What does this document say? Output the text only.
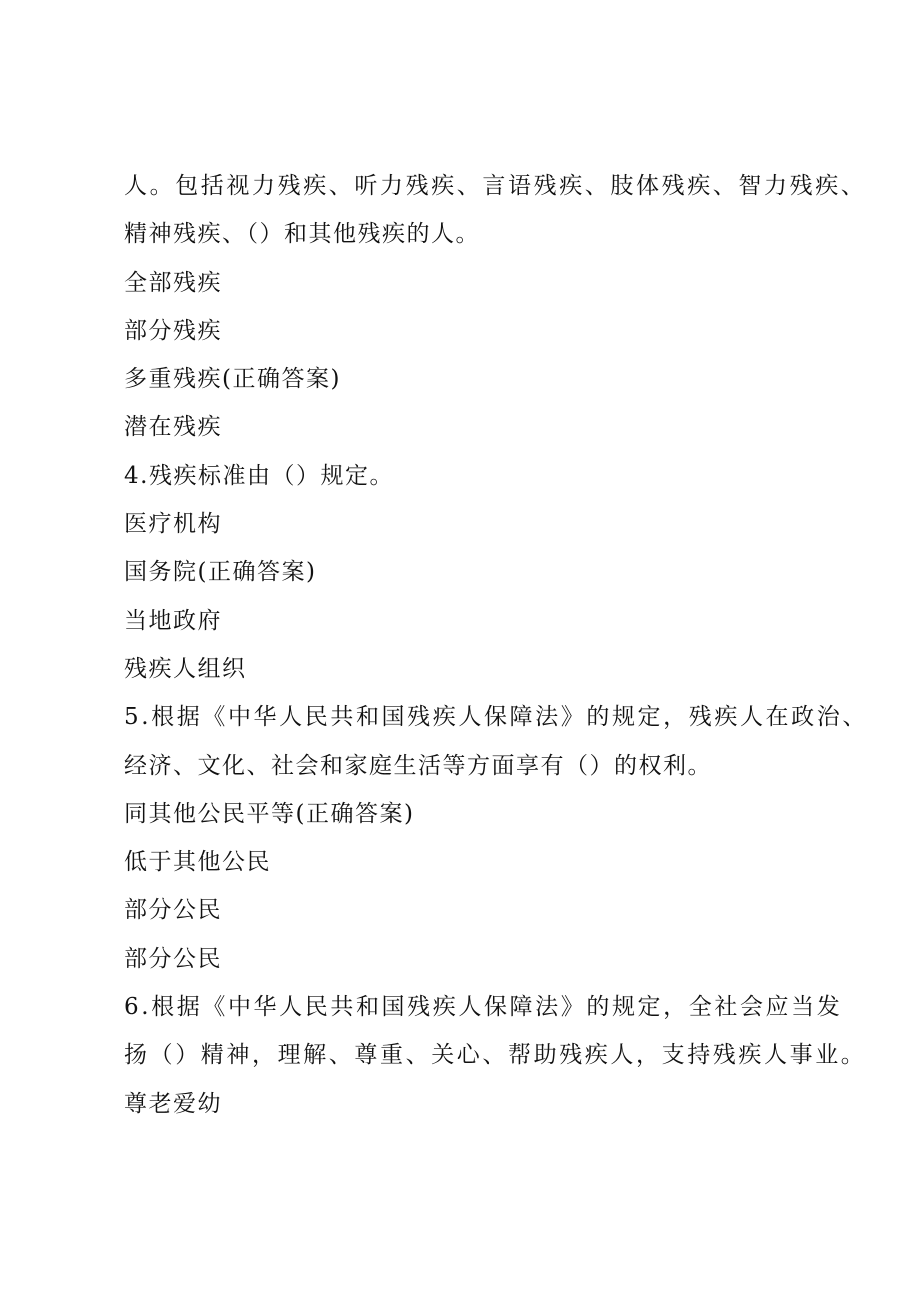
人。包括视力残疾、听力残疾、言语残疾、肢体残疾、智力残疾、
精神残疾、（）和其他残疾的人。
全部残疾
部分残疾
多重残疾(正确答案)
潜在残疾
4.残疾标准由（）规定。
医疗机构
国务院(正确答案)
当地政府
残疾人组织
5.根据《中华人民共和国残疾人保障法》的规定，残疾人在政治、
经济、文化、社会和家庭生活等方面享有（）的权利。
同其他公民平等(正确答案)
低于其他公民
部分公民
部分公民
6.根据《中华人民共和国残疾人保障法》的规定，全社会应当发
扬（）精神，理解、尊重、关心、帮助残疾人，支持残疾人事业。
尊老爱幼
